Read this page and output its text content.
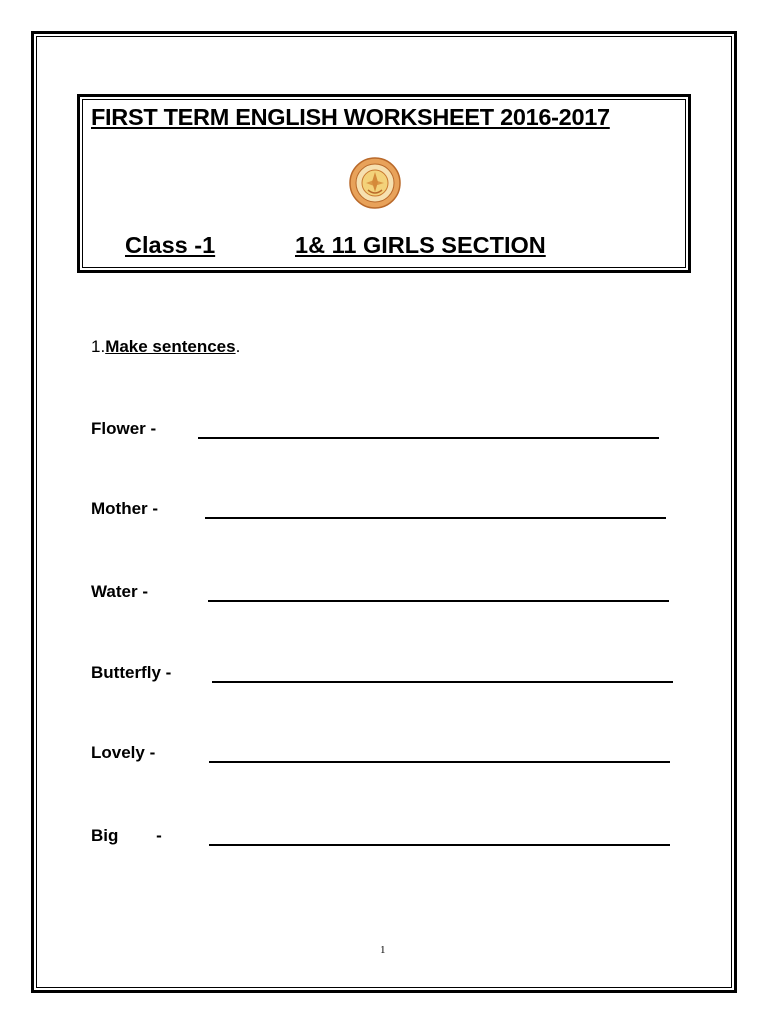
FIRST TERM ENGLISH WORKSHEET 2016-2017
Class -1	1& 11 GIRLS SECTION
1.Make sentences.
Flower -
Mother -
Water -
Butterfly -
Lovely -
Big        -
1
